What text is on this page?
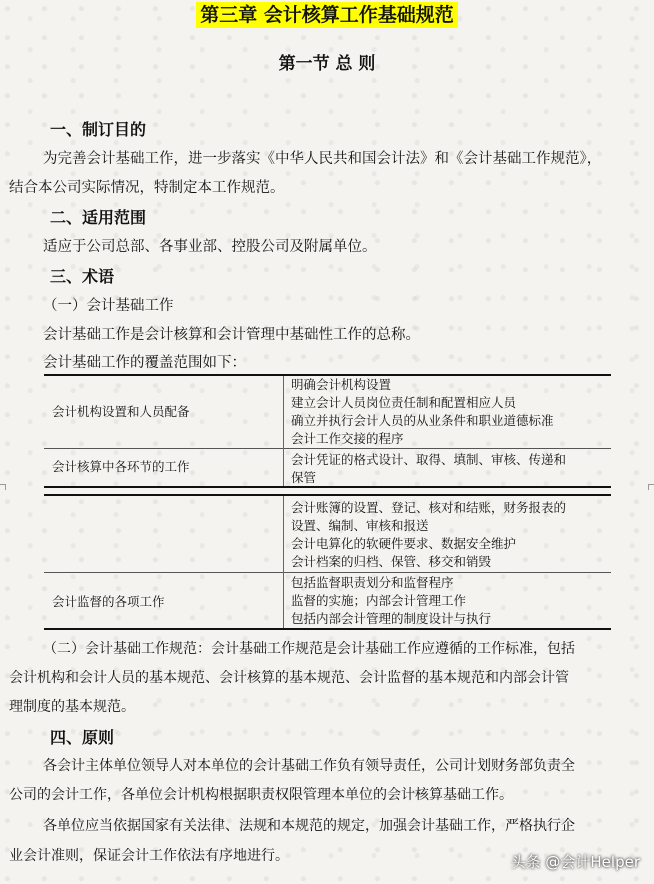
第三章 会计核算工作基础规范
第一节 总 则
一、制订目的
为完善会计基础工作，进一步落实《中华人民共和国会计法》和《会计基础工作规范》，
结合本公司实际情况，特制定本工作规范。
二、适用范围
适应于公司总部、各事业部、控股公司及附属单位。
三、术语
（一）会计基础工作
会计基础工作是会计核算和会计管理中基础性工作的总称。
会计基础工作的覆盖范围如下：
会计机构设置和人员配备
明确会计机构设置
建立会计人员岗位责任制和配置相应人员
确立并执行会计人员的从业条件和职业道德标准
会计工作交接的程序
会计核算中各环节的工作	会计凭证的格式设计、取得、填制、审核、传递和
保管
会计账簿的设置、登记、核对和结账，财务报表的
设置、编制、审核和报送
会计电算化的软硬件要求、数据安全维护
会计档案的归档、保管、移交和销毁
会计监督的各项工作
包括监督职责划分和监督程序
监督的实施；内部会计管理工作
包括内部会计管理的制度设计与执行
（二）会计基础工作规范：会计基础工作规范是会计基础工作应遵循的工作标准，包括
会计机构和会计人员的基本规范、会计核算的基本规范、会计监督的基本规范和内部会计管
理制度的基本规范。
四、原则
各会计主体单位领导人对本单位的会计基础工作负有领导责任，公司计划财务部负责全
公司的会计工作，各单位会计机构根据职责权限管理本单位的会计核算基础工作。
各单位应当依据国家有关法律、法规和本规范的规定，加强会计基础工作，严格执行企
业会计准则，保证会计工作依法有序地进行。	头条 @会计Helper
